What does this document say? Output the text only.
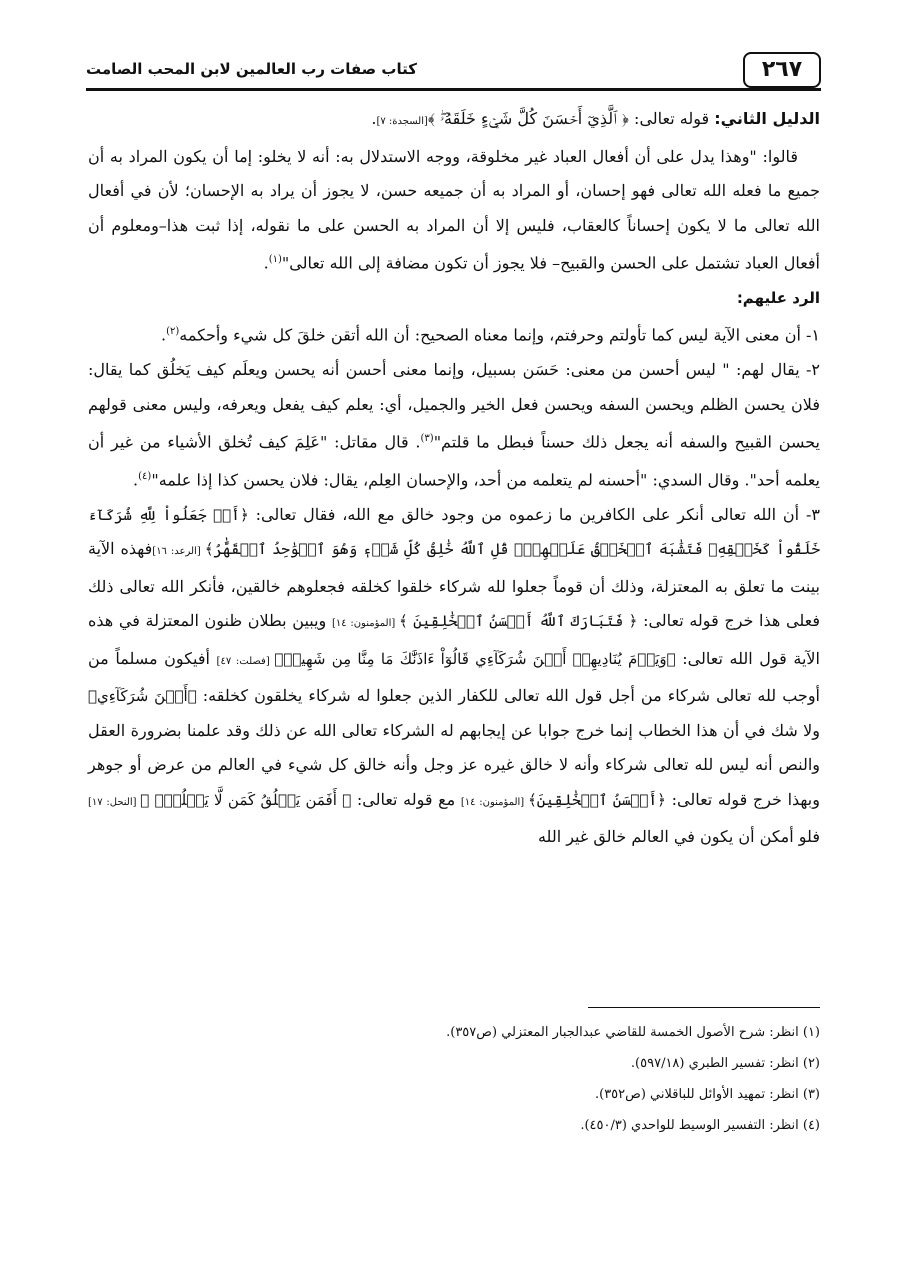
٢٦٧
كتاب صفات رب العالمين لابن المحب الصامت

الدليل الثاني: قوله تعالى: ﴿ ٱلَّذِيٓ أَحۡسَنَ كُلَّ شَيۡءٍ خَلَقَهُۥۖ ﴾[السجدة: ٧].

قالوا: "وهذا يدل على أن أفعال العباد غير مخلوقة، ووجه الاستدلال به: أنه لا يخلو: إما أن يكون المراد به أن جميع ما فعله الله تعالى فهو إحسان، أو المراد به أن جميعه حسن، لا يجوز أن يراد به الإحسان؛ لأن في أفعال الله تعالى ما لا يكون إحساناً كالعقاب، فليس إلا أن المراد به الحسن على ما نقوله، إذا ثبت هذا–ومعلوم أن أفعال العباد تشتمل على الحسن والقبيح– فلا يجوز أن تكون مضافة إلى الله تعالى"$^{(١)}$.

الرد عليهم:

١- أن معنى الآية ليس كما تأولتم وحرفتم، وإنما معناه الصحيح: أن الله أتقن خلقَ كل شيء وأحكمه$^{(٢)}$.

٢- يقال لهم: " ليس أحسن من معنى: حَسَن بسبيل، وإنما معنى أحسن أنه يحسن ويعلَم كيف يَخلُق كما يقال: فلان يحسن الظلم ويحسن السفه ويحسن فعل الخير والجميل، أي: يعلم كيف يفعل ويعرفه، وليس معنى قولهم يحسن القبيح والسفه أنه يجعل ذلك حسناً فبطل ما قلتم"$^{(٣)}$. قال مقاتل: "عَلِمَ كيف تُخلق الأشياء من غير أن يعلمه أحد". وقال السدي: "أحسنه لم يتعلمه من أحد، والإحسان العِلم، يقال: فلان يحسن كذا إذا علمه"$^{(٤)}$.

٣- أن الله تعالى أنكر على الكافرين ما زعموه من وجود خالق مع الله، فقال تعالى: ﴿أَمۡ جَعَلُواْ لِلَّهِ شُرَكَآءَ خَلَقُواْ كَخَلۡقِهِۦ فَتَشَٰبَهَ ٱلۡخَلۡقُ عَلَيۡهِمۡۚ قُلِ ٱللَّهُ خَٰلِقُ كُلِّ شَيۡءٖ وَهُوَ ٱلۡوَٰحِدُ ٱلۡقَهَّٰرُ﴾ [الرعد: ١٦]فهذه الآية بينت ما تعلق به المعتزلة، وذلك أن قوماً جعلوا لله شركاء خلقوا كخلقه فجعلوهم خالقين، فأنكر الله تعالى ذلك فعلى هذا خرج قوله تعالى: ﴿ فَتَبَارَكَ ٱللَّهُ أَحۡسَنُ ٱلۡخَٰلِقِينَ ﴾ [المؤمنون: ١٤] ويبين بطلان ظنون المعتزلة في هذه الآية قول الله تعالى: ﴿وَيَوۡمَ يُنَادِيهِمۡ أَيۡنَ شُرَكَآءِي قَالُوٓاْ ءَاذَنَّٰكَ مَا مِنَّا مِن شَهِيدٖ﴾ [فصلت: ٤٧] أفيكون مسلماً من أوجب لله تعالى شركاء من أجل قول الله تعالى للكفار الذين جعلوا له شركاء يخلقون كخلقه: ﴿أَيۡنَ شُرَكَآءِي﴾ ولا شك في أن هذا الخطاب إنما خرج جوابا عن إيجابهم له الشركاء تعالى الله عن ذلك وقد علمنا بضرورة العقل والنص أنه ليس لله تعالى شركاء وأنه لا خالق غيره عز وجل وأنه خالق كل شيء في العالم من عرض أو جوهر وبهذا خرج قوله تعالى: ﴿أَحۡسَنُ ٱلۡخَٰلِقِينَ﴾ [المؤمنون: ١٤] مع قوله تعالى: ﴿ أَفَمَن يَخۡلُقُ كَمَن لَّا يَخۡلُقُۚ ﴾ [النحل: ١٧] فلو أمكن أن يكون في العالم خالق غير الله

(١) انظر: شرح الأصول الخمسة للقاضي عبدالجبار المعتزلي (ص٣٥٧).

(٢) انظر: تفسير الطبري (٥٩٧/١٨).

(٣) انظر: تمهيد الأوائل للباقلاني (ص٣٥٢).

(٤) انظر: التفسير الوسيط للواحدي (٤٥٠/٣).
